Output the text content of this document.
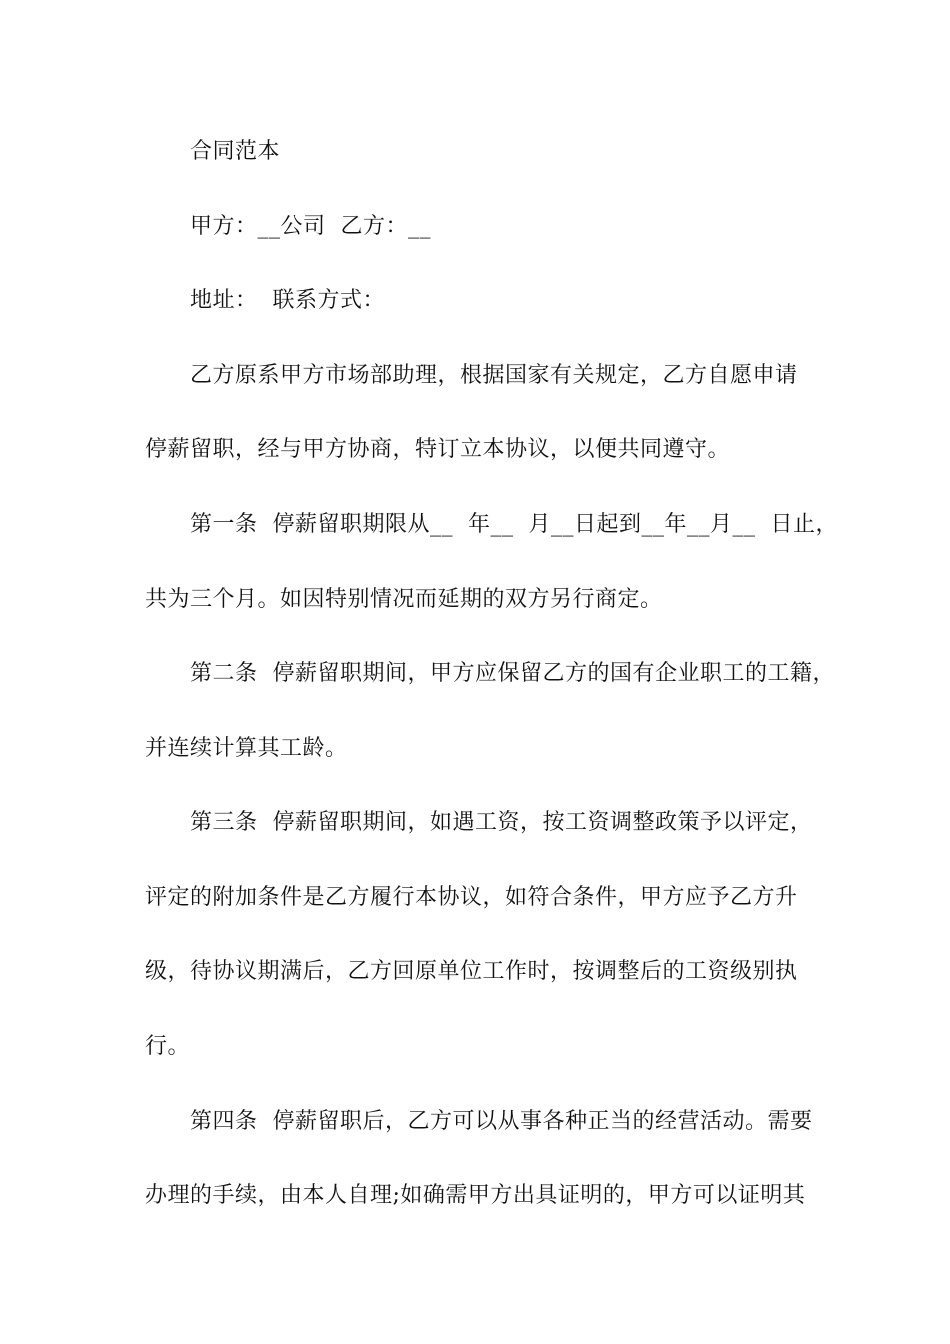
合同范本
甲方：__公司  乙方：__
地址：  联系方式：
乙方原系甲方市场部助理，根据国家有关规定，乙方自愿申请
停薪留职，经与甲方协商，特订立本协议，以便共同遵守。
第一条  停薪留职期限从__  年__  月__日起到__年__月__  日止，
共为三个月。如因特别情况而延期的双方另行商定。
第二条  停薪留职期间，甲方应保留乙方的国有企业职工的工籍，
并连续计算其工龄。
第三条  停薪留职期间，如遇工资，按工资调整政策予以评定，
评定的附加条件是乙方履行本协议，如符合条件，甲方应予乙方升
级，待协议期满后，乙方回原单位工作时，按调整后的工资级别执
行。
第四条  停薪留职后，乙方可以从事各种正当的经营活动。需要
办理的手续，由本人自理;如确需甲方出具证明的，甲方可以证明其
